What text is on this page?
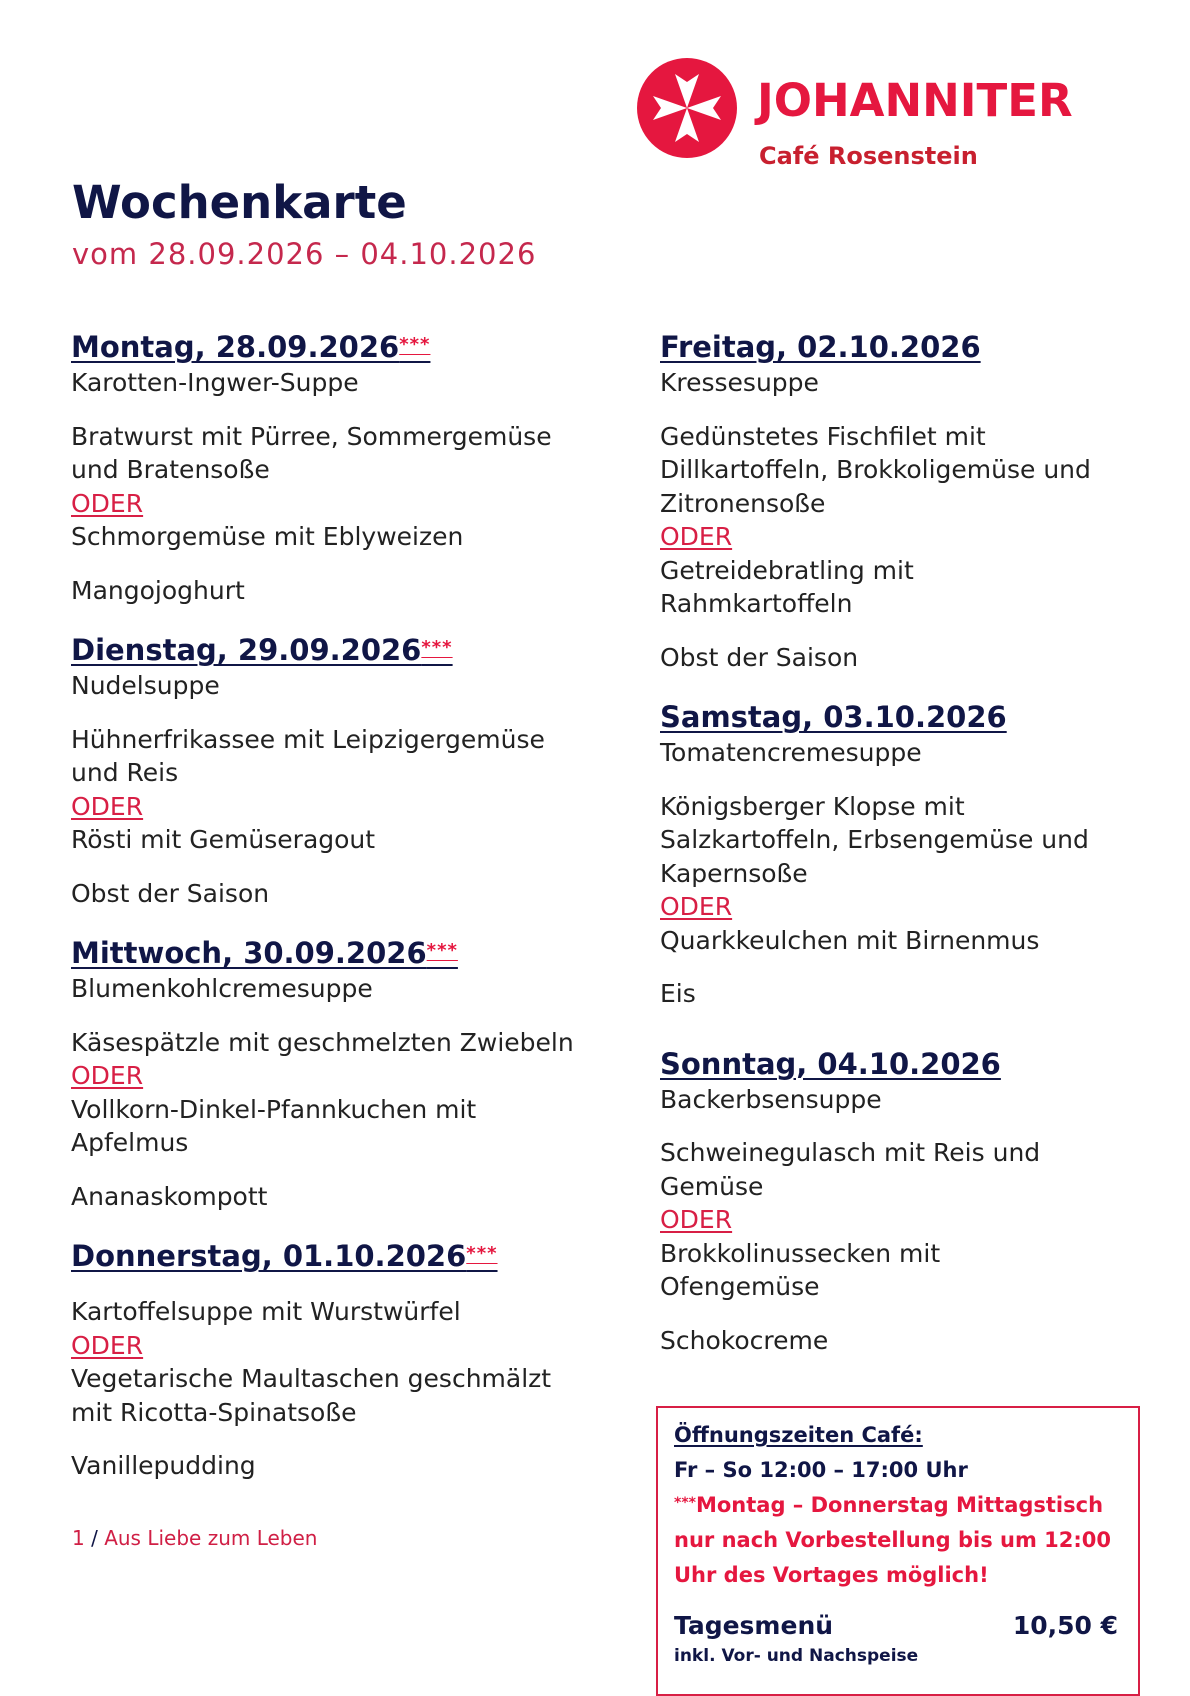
JOHANNITER
Café Rosenstein
Wochenkarte
vom 28.09.2026 – 04.10.2026
Montag, 28.09.2026***

Karotten-Ingwer-Suppe

Bratwurst mit Pürree, Sommergemüse

und Bratensoße

ODER

Schmorgemüse mit Eblyweizen

Mangojoghurt

Dienstag, 29.09.2026***

Nudelsuppe

Hühnerfrikassee mit Leipzigergemüse

und Reis

ODER

Rösti mit Gemüseragout

Obst der Saison

Mittwoch, 30.09.2026***

Blumenkohlcremesuppe

Käsespätzle mit geschmelzten Zwiebeln

ODER

Vollkorn-Dinkel-Pfannkuchen mit

Apfelmus

Ananaskompott

Donnerstag, 01.10.2026***

Kartoffelsuppe mit Wurstwürfel

ODER

Vegetarische Maultaschen geschmälzt

mit Ricotta-Spinatsoße

Vanillepudding

1 / Aus Liebe zum Leben
Freitag, 02.10.2026

Kressesuppe

Gedünstetes Fischfilet mit

Dillkartoffeln, Brokkoligemüse und

Zitronensoße

ODER

Getreidebratling mit

Rahmkartoffeln

Obst der Saison

Samstag, 03.10.2026

Tomatencremesuppe

Königsberger Klopse mit

Salzkartoffeln, Erbsengemüse und

Kapernsoße

ODER

Quarkkeulchen mit Birnenmus

Eis

Sonntag, 04.10.2026

Backerbsensuppe

Schweinegulasch mit Reis und

Gemüse

ODER

Brokkolinussecken mit

Ofengemüse

Schokocreme

Öffnungszeiten Café:
Fr – So 12:00 – 17:00 Uhr
***Montag – Donnerstag Mittagstisch
nur nach Vorbestellung bis um 12:00
Uhr des Vortages möglich!
Tagesmenü	10,50 €
inkl. Vor- und Nachspeise
